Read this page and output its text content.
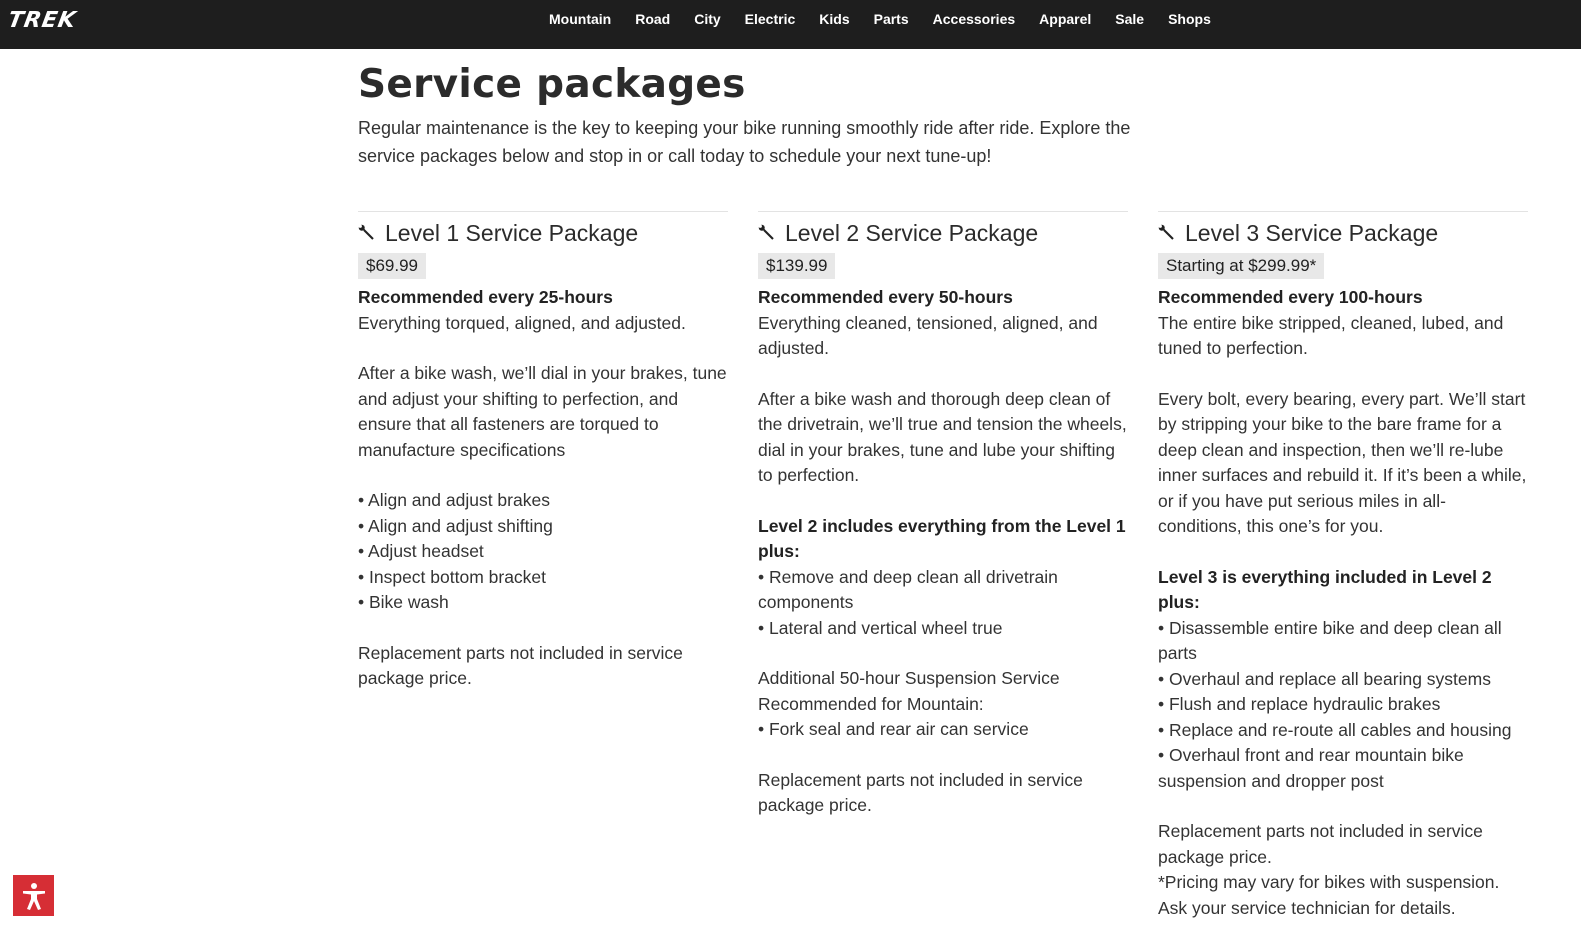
TREK	Mountain Road City Electric Kids Parts Accessories Apparel Sale Shops
Service packages
Regular maintenance is the key to keeping your bike running smoothly ride after ride. Explore the service packages below and stop in or call today to schedule your next tune-up!
Level 1 Service Package
$69.99

Recommended every 25-hours

Everything torqued, aligned, and adjusted.

After a bike wash, we’ll dial in your brakes, tune and adjust your shifting to perfection, and ensure that all fasteners are torqued to manufacture specifications

• Align and adjust brakes

• Align and adjust shifting

• Adjust headset

• Inspect bottom bracket

• Bike wash

Replacement parts not included in service package price.

Level 2 Service Package
$139.99

Recommended every 50-hours

Everything cleaned, tensioned, aligned, and adjusted.

After a bike wash and thorough deep clean of the drivetrain, we’ll true and tension the wheels, dial in your brakes, tune and lube your shifting to perfection.

Level 2 includes everything from the Level 1 plus:

• Remove and deep clean all drivetrain components

• Lateral and vertical wheel true

Additional 50-hour Suspension Service Recommended for Mountain:

• Fork seal and rear air can service

Replacement parts not included in service package price.

Level 3 Service Package
Starting at $299.99*

Recommended every 100-hours

The entire bike stripped, cleaned, lubed, and tuned to perfection.

Every bolt, every bearing, every part. We’ll start by stripping your bike to the bare frame for a deep clean and inspection, then we’ll re-lube inner surfaces and rebuild it. If it’s been a while, or if you have put serious miles in all-conditions, this one’s for you.

Level 3 is everything included in Level 2 plus:

• Disassemble entire bike and deep clean all parts

• Overhaul and replace all bearing systems

• Flush and replace hydraulic brakes

• Replace and re-route all cables and housing

• Overhaul front and rear mountain bike suspension and dropper post

Replacement parts not included in service package price.

*Pricing may vary for bikes with suspension. Ask your service technician for details.
